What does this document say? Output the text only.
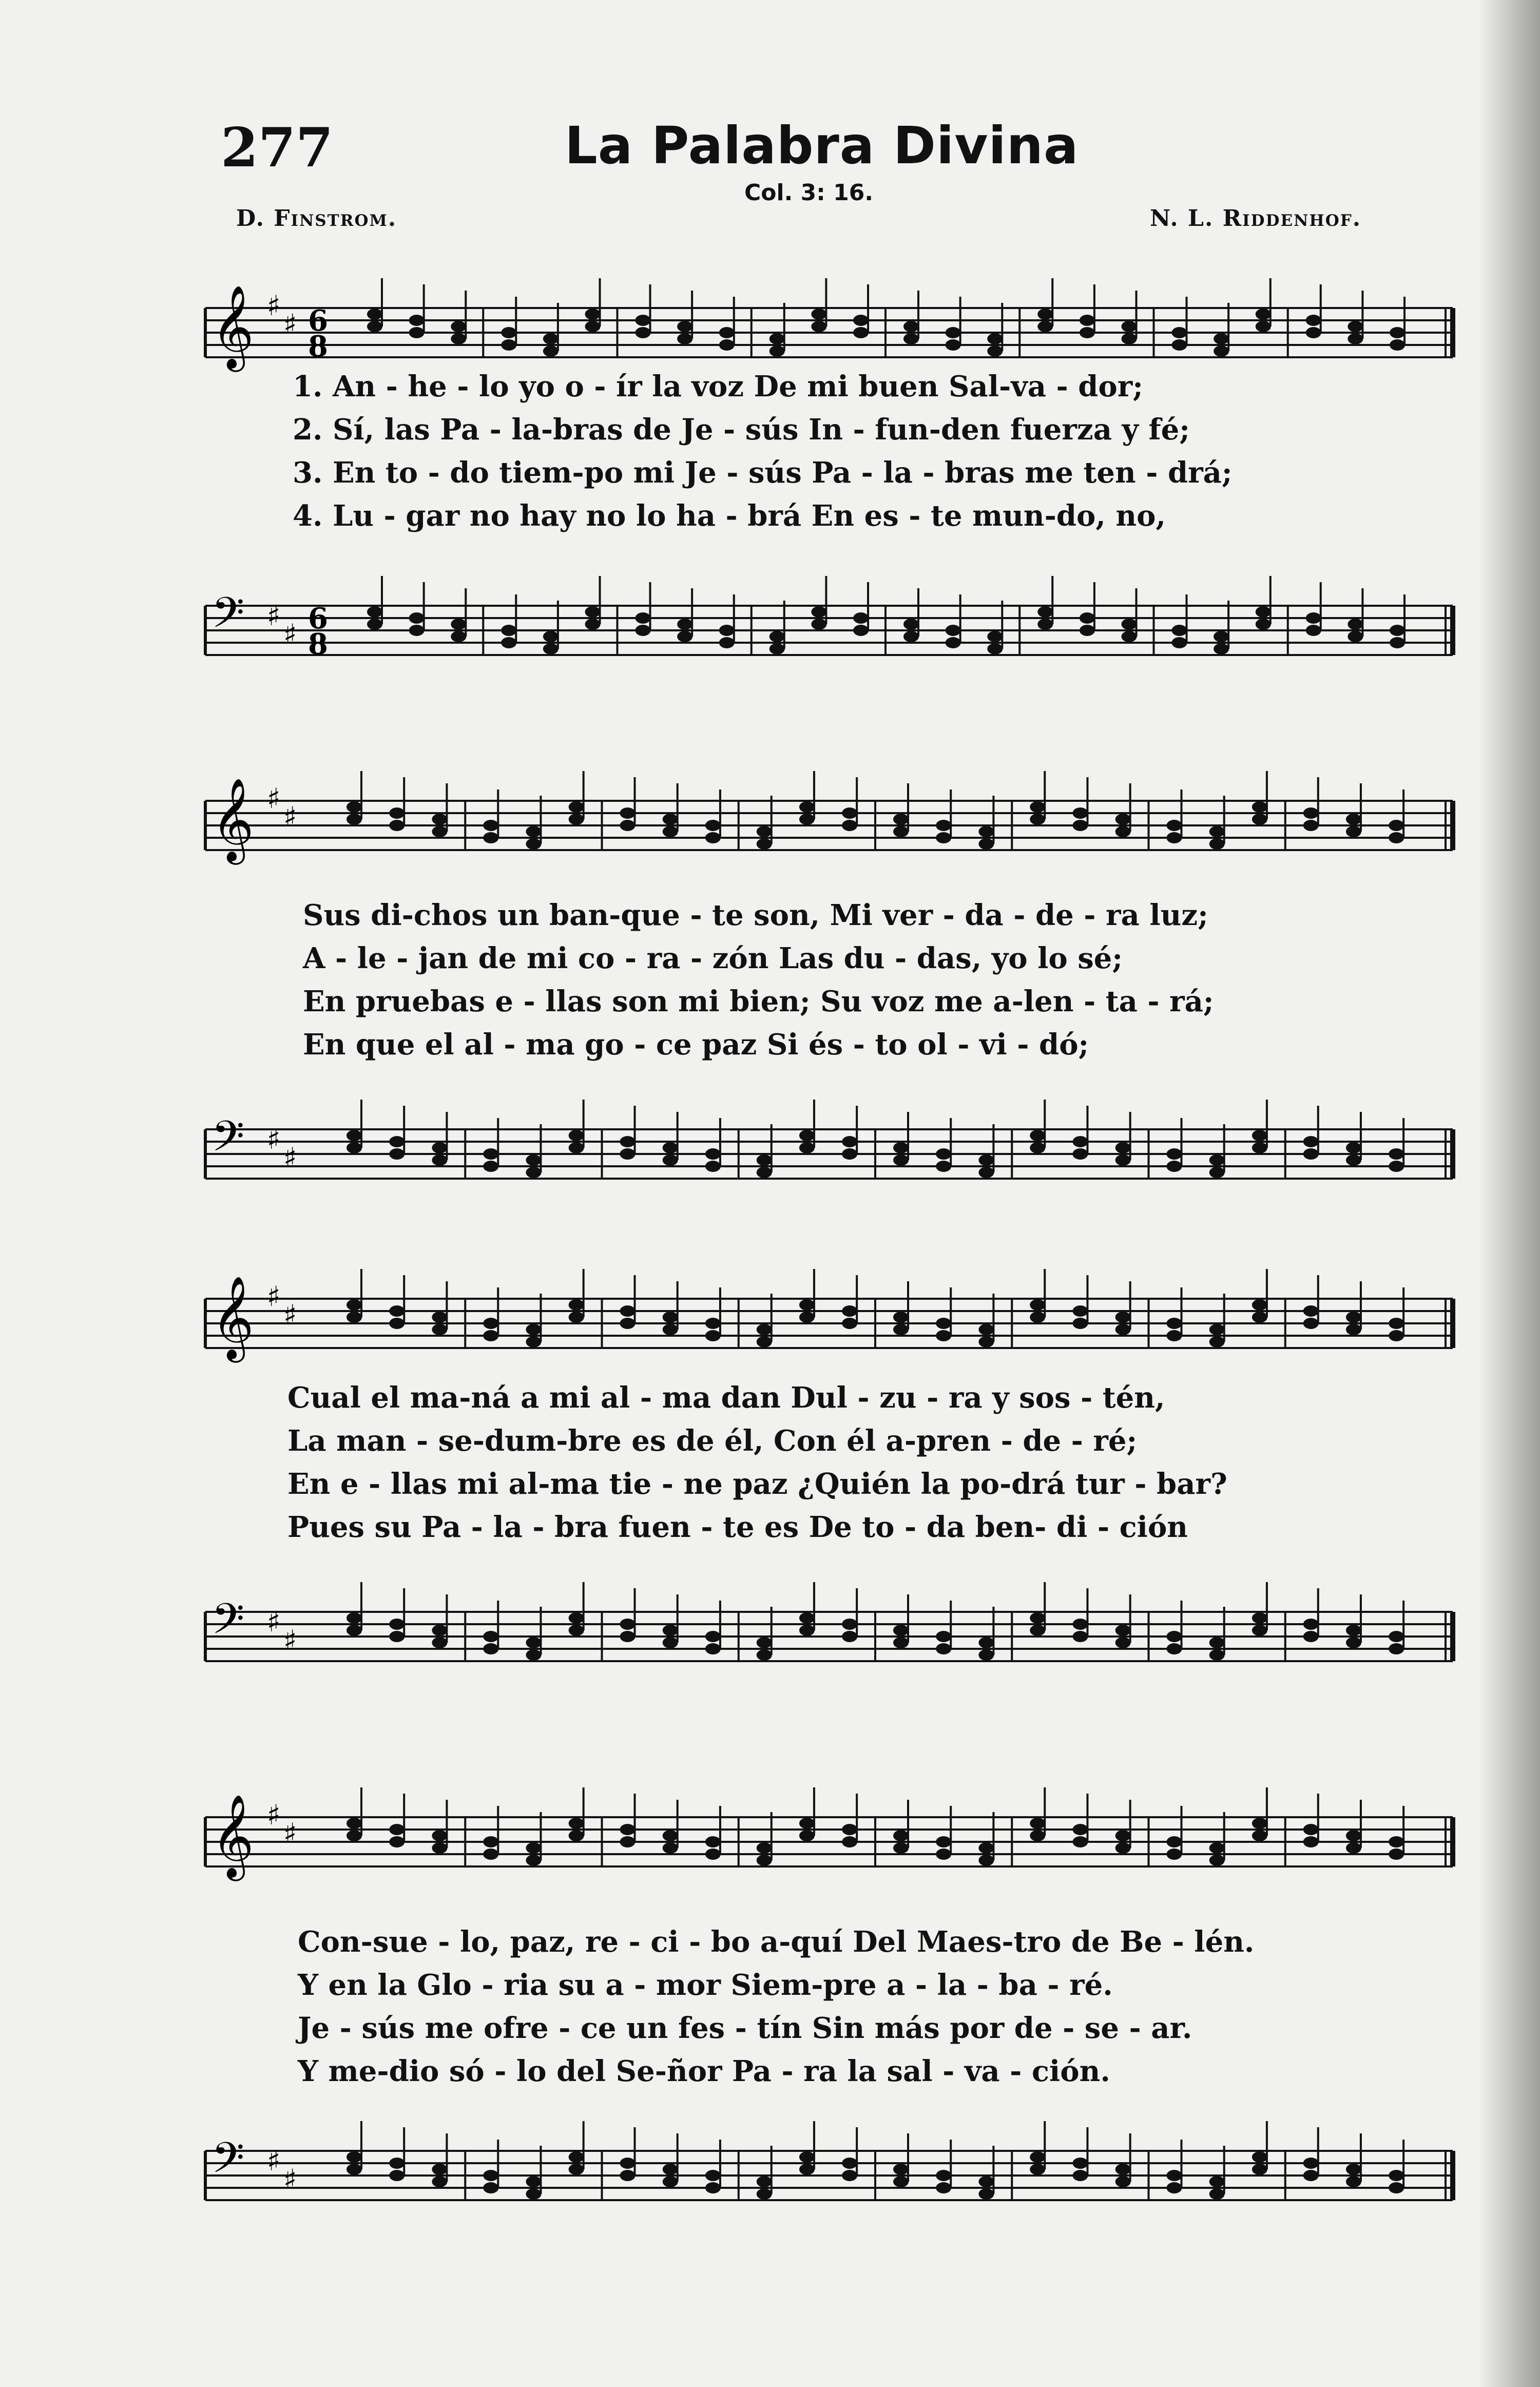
277	La Palabra Divina
Col. 3: 16.
D. Finstrom.	N. L. Riddenhof.
𝄞 ♯
♯ 6
8
1. An - he - lo yo o - ír la voz De mi buen Sal-va - dor;
2. Sí, las Pa - la-bras de Je - sús In - fun-den fuerza y fé;
3. En to - do tiem-po mi Je - sús Pa - la - bras me ten - drá;
4. Lu - gar no hay no lo ha - brá En es - te mun-do, no,
𝄢 ♯
♯ 6
8
𝄞 ♯
♯
Sus di-chos un ban-que - te son, Mi ver - da - de - ra luz;
A - le - jan de mi co - ra - zón Las du - das, yo lo sé;
En pruebas e - llas son mi bien; Su voz me a-len - ta - rá;
En que el al - ma go - ce paz Si és - to ol - vi - dó;
𝄢 ♯
♯
𝄞 ♯
♯
Cual el ma-ná a mi al - ma dan Dul - zu - ra y sos - tén,
La man - se-dum-bre es de él, Con él a-pren - de - ré;
En e - llas mi al-ma tie - ne paz ¿Quién la po-drá tur - bar?
Pues su Pa - la - bra fuen - te es De to - da ben- di - ción
𝄢 ♯
♯
𝄞 ♯
♯
Con-sue - lo, paz, re - ci - bo a-quí Del Maes-tro de Be - lén.
Y en la Glo - ria su a - mor Siem-pre a - la - ba - ré.
Je - sús me ofre - ce un fes - tín Sin más por de - se - ar.
Y me-dio só - lo del Se-ñor Pa - ra la sal - va - ción.
𝄢 ♯
♯
